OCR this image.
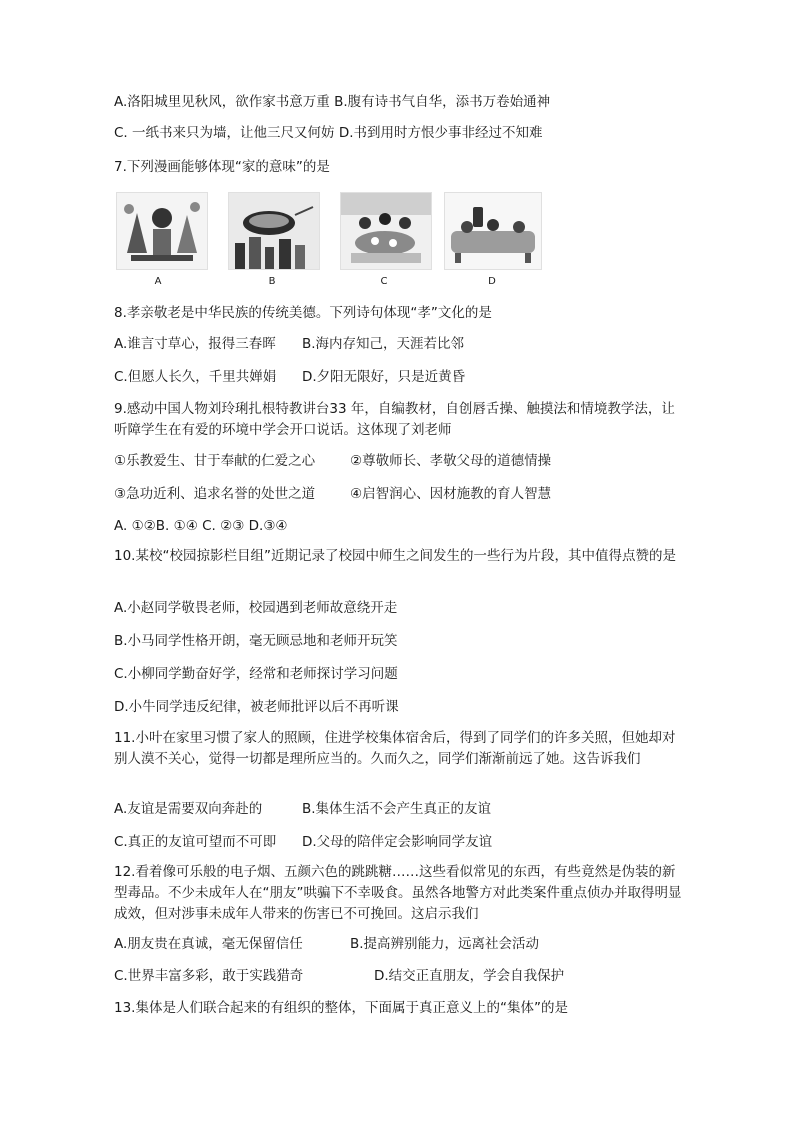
A.洛阳城里见秋风，欲作家书意万重 B.腹有诗书气自华，添书万卷始通神
C. 一纸书来只为墙，让他三尺又何妨 D.书到用时方恨少事非经过不知难
7.下列漫画能够体现“家的意味”的是
A	B	C	D
8.孝亲敬老是中华民族的传统美德。下列诗句体现“孝”文化的是
A.谁言寸草心，报得三春晖 B.海内存知己，天涯若比邻
C.但愿人长久，千里共婵娟 D.夕阳无限好，只是近黄昏
9.感动中国人物刘玲琍扎根特教讲台33 年，自编教材，自创唇舌操、触摸法和情境教学法，让听障学生在有爱的环境中学会开口说话。这体现了刘老师
①乐教爱生、甘于奉献的仁爱之心	②尊敬师长、孝敬父母的道德情操
③急功近利、追求名誉的处世之道	④启智润心、因材施教的育人智慧
A. ①②B. ①④ C. ②③ D.③④
10.某校“校园掠影栏目组”近期记录了校园中师生之间发生的一些行为片段，其中值得点赞的是
A.小赵同学敬畏老师，校园遇到老师故意绕开走
B.小马同学性格开朗，毫无顾忌地和老师开玩笑
C.小柳同学勤奋好学，经常和老师探讨学习问题
D.小牛同学违反纪律，被老师批评以后不再听课
11.小叶在家里习惯了家人的照顾，住进学校集体宿舍后，得到了同学们的许多关照，但她却对别人漠不关心，觉得一切都是理所应当的。久而久之，同学们渐渐前远了她。这告诉我们
A.友谊是需要双向奔赴的	B.集体生活不会产生真正的友谊
C.真正的友谊可望而不可即 D.父母的陪伴定会影响同学友谊
12.看着像可乐般的电子烟、五颜六色的跳跳糖……这些看似常见的东西，有些竟然是伪装的新型毒品。不少未成年人在“朋友”哄骗下不幸吸食。虽然各地警方对此类案件重点侦办并取得明显成效，但对涉事未成年人带来的伤害已不可挽回。这启示我们
A.朋友贵在真诚，毫无保留信任	B.提高辨别能力，远离社会活动
C.世界丰富多彩，敢于实践猎奇	D.结交正直朋友，学会自我保护
13.集体是人们联合起来的有组织的整体，下面属于真正意义上的“集体”的是
